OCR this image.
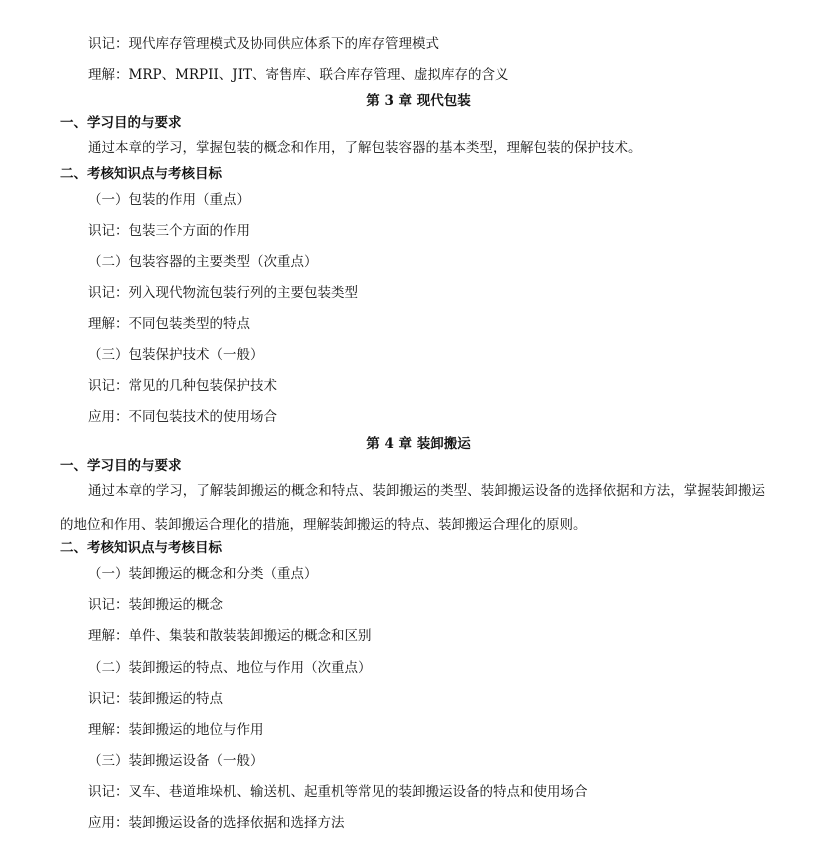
识记：现代库存管理模式及协同供应体系下的库存管理模式
理解：MRP、MRPII、JIT、寄售库、联合库存管理、虚拟库存的含义
第 3 章 现代包装
一、学习目的与要求
通过本章的学习，掌握包装的概念和作用，了解包装容器的基本类型，理解包装的保护技术。
二、考核知识点与考核目标
（一）包装的作用（重点）
识记：包装三个方面的作用
（二）包装容器的主要类型（次重点）
识记：列入现代物流包装行列的主要包装类型
理解：不同包装类型的特点
（三）包装保护技术（一般）
识记：常见的几种包装保护技术
应用：不同包装技术的使用场合
第 4 章 装卸搬运
一、学习目的与要求
通过本章的学习，了解装卸搬运的概念和特点、装卸搬运的类型、装卸搬运设备的选择依据和方法，掌握装卸搬运的地位和作用、装卸搬运合理化的措施，理解装卸搬运的特点、装卸搬运合理化的原则。
二、考核知识点与考核目标
（一）装卸搬运的概念和分类（重点）
识记：装卸搬运的概念
理解：单件、集装和散装装卸搬运的概念和区别
（二）装卸搬运的特点、地位与作用（次重点）
识记：装卸搬运的特点
理解：装卸搬运的地位与作用
（三）装卸搬运设备（一般）
识记：叉车、巷道堆垛机、输送机、起重机等常见的装卸搬运设备的特点和使用场合
应用：装卸搬运设备的选择依据和选择方法
